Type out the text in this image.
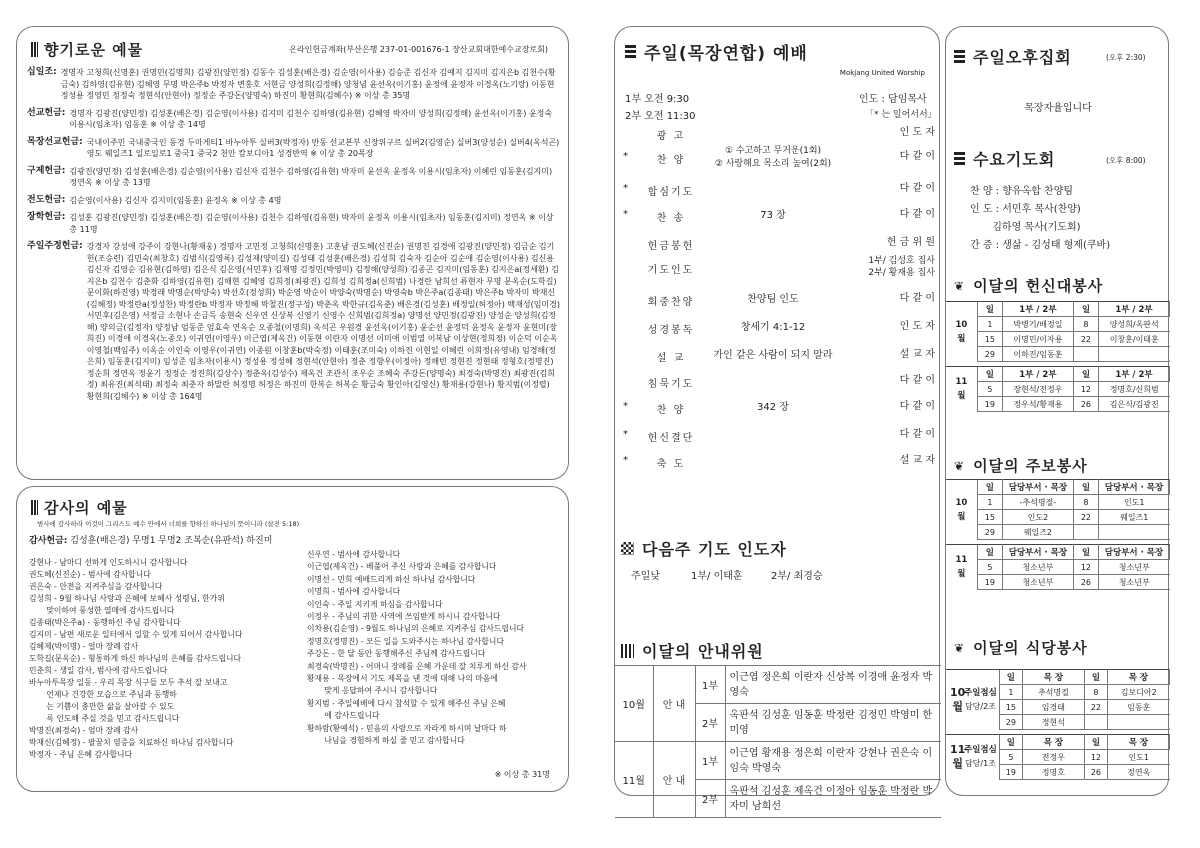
향기로운 예물	온라인헌금계좌(부산은행 237-01-001676-1 장산교회대한예수교장로회)
십일조: 경명자 고청희(신명훈) 권명민(김명희) 김광진(양민정) 김동수 김성훈(배은경) 김순영(이사용) 김승준 김신자 김예지 김지미 김지은b 김천수(황금숙) 김하영(김유현) 김혜영 무명 박은주b 박정자 변홍호 서현금 양성희(김정해) 양청념 윤선옥(이기홍) 윤정애 윤정자 이경옥(노기랑) 이동현 정성용 정영민 정정숙 정현석(안현아) 정정순 주강돈(양명숙) 하진미 황현희(김혜수) ※ 이상 총 35명
선교헌금: 경명자 김광진(양민정) 김성훈(배은경) 김순영(이사용) 김지미 김천수 김하영(김유현) 김혜영 박자미 양성희(김정해) 윤선옥(이기홍) 윤정숙 이용시(임초자) 임동훈 ※ 이상 총 14명
목장선교헌금: 국내이주민 국내중국인 동경 두마게티1 바누아투 실버3(박정자) 반동 선교본부 신장위구르 실버2(김영순) 실버3(양성순) 실버4(옥석곤) 영도 웨일즈1 일로일로1 중국1 중국2 천안 캄보디아1 성경반역 ※ 이상 총 20목장
구제헌금: 김광진(양민정) 김성훈(배은경) 김순영(이사용) 김신자 김천수 김하영(김유현) 박자미 윤선옥 윤정옥 이용시(임초자) 이혜린 임동훈(김지미) 정연옥 ※ 이상 총 13명
전도헌금: 김순영(이사용) 김신자 김지미(임동훈) 윤정옥 ※ 이상 총 4명
장학헌금: 김성훈 김광진(양민정) 김성훈(배은경) 김순영(이사용) 김천수 김하영(김유현) 박자미 윤정옥 이용시(임초자) 임동훈(김지미) 정연옥 ※ 이상 총 11명
주일주정헌금: 강경자 강성애 강주이 강현나(황재웅) 경명자 고민정 고청희(신명훈) 고훈남 권도혜(신진순) 권명진 김경애 김광진(양민정) 김금순 김기헌(조승련) 김민숙(최창호) 김범식(김영록) 김성재(양미길) 김성태 김성훈(배은경) 김성희 김숙자 김순아 김순애 김순영(이사용) 김신용 김신자 김영순 김유현(김하영) 김은식 김은영(서민후) 김재명 김정민(박영미) 김정해(양성희) 김종곤 김지미(임동훈) 김지은a(정세환) 김지은b 김천수 김춘화 김하영(김유현) 김해현 김혜영 김희정(최광진) 김희성 김희정a(신희범) 나경란 남희선 류현자 무명 문옥순(도학길) 문이화(하진영) 박경래 박명순(박양숙) 박선호(정성희) 박순영 박순이 박양숙(박명순) 박영숙b 박은주a(김종태) 박은주b 박자미 박재신(김혜정) 박정란a(정성찬) 박정란b 박정자 박정혜 박철진(정구성) 박춘옥 박한규(김옥춘) 배은경(김성훈) 배정일(허정아) 백재성(임미경) 서민후(김은영) 서정금 소현나 손금득 송현숙 신우연 신상복 신영기 신영수 신희범(김희정a) 양명선 양민정(김광진) 양성순 양성희(김정해) 양의금(김정자) 양정남 엄동준 엄효숙 연옥순 오종철(이명희) 옥석곤 우원경 윤선옥(이기홍) 윤순선 윤정덕 윤정옥 윤정자 윤현미(장희진) 이경애 이경옥(노종오) 이귀연(이영우) 이근엽(제옥건) 이동현 이란자 이명선 이미애 이범열 이복남 이상현(정희정) 이순덕 이순옥 이영철(백임주) 이옥순 이인숙 이영우(이귀연) 이종원 이창훈b(박숙정) 이태훈(조미숙) 이하진 이현일 이혜린 이희정(유영내) 임경해(정은희) 임동훈(김지미) 임성준 임초자(이용시) 정성용 정성혜 정현석(안현아) 정춘 정향우(이정아) 정해빈 정현진 정현태 정형호(정명진) 정순희 정연옥 정윤기 정정순 정진희(김상수) 정춘옥(김성수) 제옥건 조관식 조우순 조혜숙 주강돈(양명숙) 최경숙(박명진) 최광진(김희정) 최유진(최석태) 최정숙 최춘자 하말란 허정명 허정은 하진미 한복순 허복순 황금숙 황인아(김영신) 황재용(강현나) 황지범(이정렬) 황현희(김혜수) ※ 이상 총 164명
감사의 예물
범사에 감사하라 이것이 그리스도 예수 안에서 너희를 향하신 하나님의 뜻이니라 (살전 5:18)
감사헌금: 김성훈(배은경) 무명1 무명2 조복순(유판석) 하진미
강현나 - 남마디 선하게 인도하시니 감사합니다
권도혜(신진순) - 범사에 감사합니다
권은숙 - 안전을 지켜주심을 감사합니다
김성희 - 9월 하나님 사랑과 은혜에 보혜사 성령님, 한가위
맞이하여 풍성한 열매에 감사드립니다
김종태(박은주a) - 동행하신 주님 감사합니다
김지미 - 남편 새로운 일터에서 일할 수 있게 되어서 감사합니다
김혜제(박이명) - 얼마 장례 감사
도학길(문옥순) - 형통하게 하신 하나님의 은혜를 감사드립니다
민춘희 - 생일 감사, 범사에 감사드립니다
바누아투목장 일동 - 우리 목장 식구들 모두 추석 잘 보내고
언제나 건강한 모습으로 주님과 동행하
는 기쁨이 충만한 삶을 살아갈 수 있도
록 인도해 주실 것을 믿고 감사드립니다
박명진(최경숙) - 엄마 장례 감사
박재신(김혜정) - 팔꿈치 염증을 치료하신 하나님 감사합니다
박정자 - 주님 은혜 감사합니다
신우연 - 범사에 감사합니다
이근엽(제옥건) - 베풀어 주신 사랑과 은혜를 감사합니다
이명선 - 민희 예배드리게 하신 하나님 감사합니다
이명희 - 범사에 감사합니다
이인숙 - 주일 지키게 하심을 감사합니다
이정우 - 주님의 귀한 사역에 쓰임받게 하시니 감사합니다
이차용(김순영) - 9월도 하나님의 은혜로 지켜주심 감사드립니다
정명호(정명진) - 모든 일을 도와주시는 하나님 감사합니다
주강돈 - 한 달 동안 동행해주신 주님께 감사드립니다
최경숙(박명진) - 어머니 장례를 은혜 가운데 잘 치루게 하신 감사
황재용 - 목장에서 기도 제목을 낸 것에 대해 나의 마음에
맞게 응답하여 주시니 감사합니다
황지범 - 주일예배에 다시 참석할 수 있게 해주신 주님 은혜
에 감사드립니다
황하람(황예석) - 믿음의 사람으로 자라게 하시며 날마다 하
나님을 경험하게 하실 줄 믿고 감사합니다
※ 이상 총 31명
주일(목장연합) 예배
Mokjang United Worship
1부 오전 9:30
2부 오전 11:30
인도 : 담임목사
「* 는 일어서서」
광 고	인 도 자
*	찬 양
① 수고하고 무거운(1회)
② 사랑해요 목소리 높여(2회)
다 같 이
*	합심기도	다 같 이
*	찬 송	73 장	다 같 이
헌금봉헌	헌 금 위 원
기도인도
1부/ 김성호 집사
2부/ 황재용 집사
회중찬양	찬양팀 인도	다 같 이
성경봉독	창세기 4:1-12	인 도 자
설 교	가인 같은 사람이 되지 말라	설 교 자
침묵기도	다 같 이
*	찬 양	342 장	다 같 이
*	헌신결단	다 같 이
*	축 도	설 교 자
다음주 기도 인도자
주일낮	1부/ 이태훈	2부/ 최경승
이달의 안내위원
10월	안 내	1부	이근엽 정은희 이란자 신상복 이경애 윤정자 박영숙
		2부	옥판석 김성훈 임동훈 박정란 김정민 박영미 한미영
11월	안 내	1부	이근엽 황재용 정은희 이란자 강현나 권은숙 이임숙 박영숙
		2부	옥판석 김성훈 제옥건 이정아 임동훈 박정란 박자미 남희선
주일오후집회	(오후 2:30)
목장자율입니다
수요기도회	(오후 8:00)
찬 양 : 향유옥합 찬양팀
인 도 : 서민후 목사(찬양)
김하영 목사(기도회)
간 증 : 생삶 - 김성태 형제(쿠바)
❦ 이달의 헌신대봉사
10
월	일	1부 / 2부	일	1부 / 2부
	1	박병기/배정일	8	양성희/옥판석
	15	이명민/이자용	22	이창훈/이태훈
	29	이하진/임동훈		
11
월	일	1부 / 2부	일	1부 / 2부
	5	장현석/전정우	12	정명호/신희범
	19	정우석/황재용	26	김은식/김광진
❦ 이달의 주보봉사
10
월	일	담당부서 · 목장	일	담당부서 · 목장
	1	-추석명절-	8	인도1
	15	인도2	22	웨일즈1
	29	웨일즈2		
11
월	일	담당부서 · 목장	일	담당부서 · 목장
	5	청소년부	12	청소년부
	19	청소년부	26	청소년부
❦ 이달의 식당봉사
10
월
주일점심
담당/2조	일	목 장	일	목 장
	1	추석명절	8	김보디아2
	15	임경태	22	임동훈
	29	정현석		
11
월
주일점심
담당/1조	일	목 장	일	목 장
	5	전정우	12	인도1
	19	정명호	26	정연옥
